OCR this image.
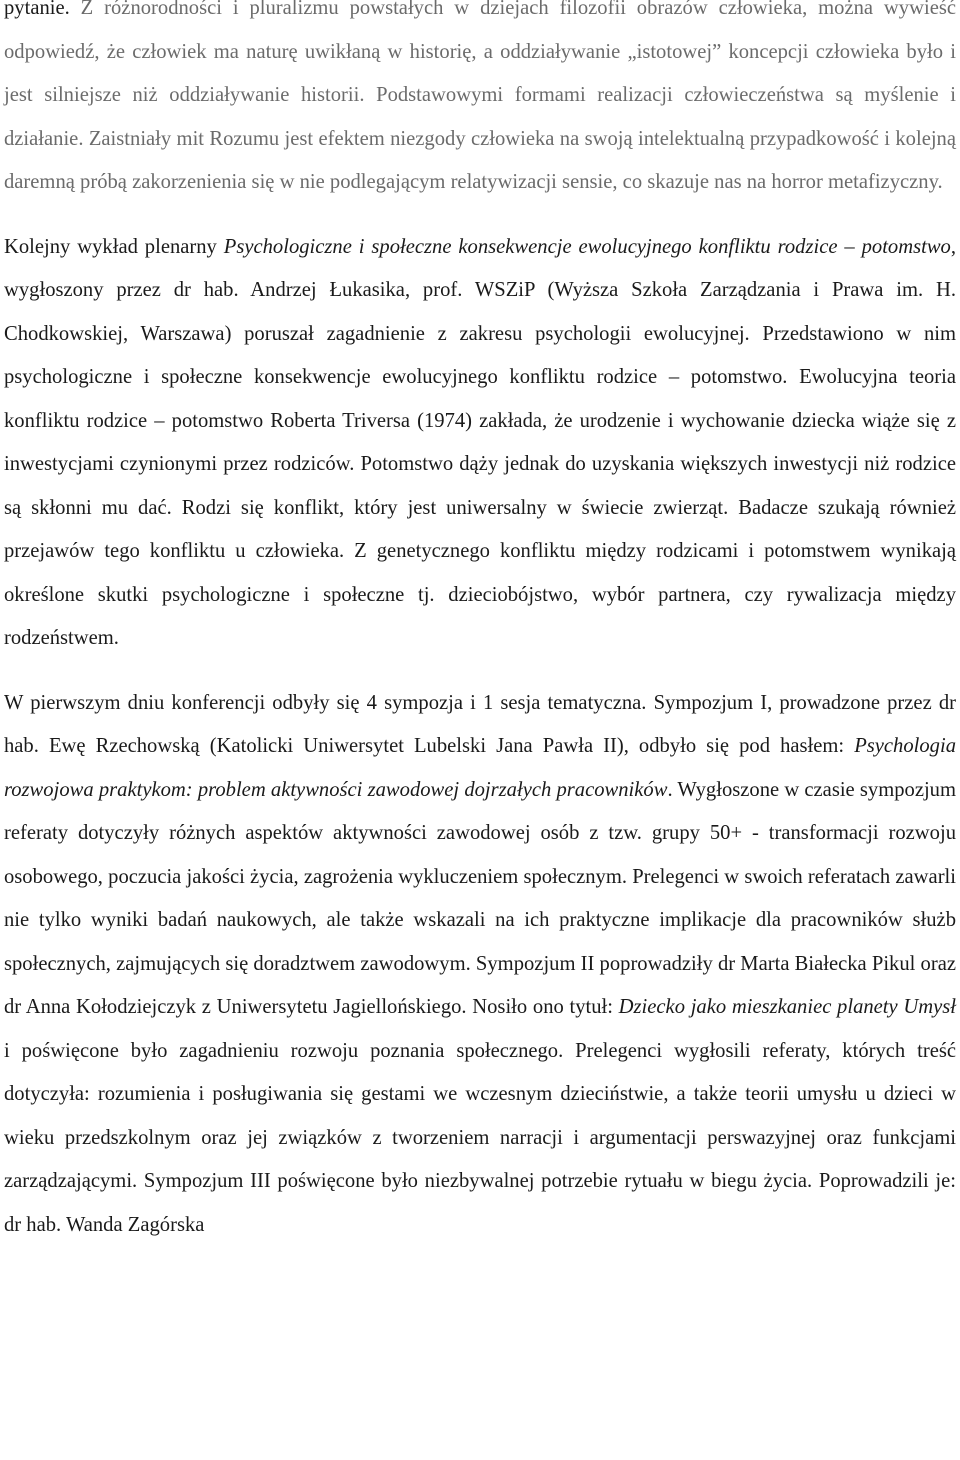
pytanie. Z różnorodności i pluralizmu powstałych w dziejach filozofii obrazów człowieka, można wywieść odpowiedź, że człowiek ma naturę uwikłaną w historię, a oddziaływanie „istotowej” koncepcji człowieka było i jest silniejsze niż oddziaływanie historii. Podstawowymi formami realizacji człowieczeństwa są myślenie i działanie. Zaistniały mit Rozumu jest efektem niezgody człowieka na swoją intelektualną przypadkowość i kolejną daremną próbą zakorzenienia się w nie podlegającym relatywizacji sensie, co skazuje nas na horror metafizyczny.

Kolejny wykład plenarny Psychologiczne i społeczne konsekwencje ewolucyjnego konfliktu rodzice – potomstwo, wygłoszony przez dr hab. Andrzej Łukasika, prof. WSZiP (Wyższa Szkoła Zarządzania i Prawa im. H. Chodkowskiej, Warszawa) poruszał zagadnienie z zakresu psychologii ewolucyjnej. Przedstawiono w nim psychologiczne i społeczne konsekwencje ewolucyjnego konfliktu rodzice – potomstwo. Ewolucyjna teoria konfliktu rodzice – potomstwo Roberta Triversa (1974) zakłada, że urodzenie i wychowanie dziecka wiąże się z inwestycjami czynionymi przez rodziców. Potomstwo dąży jednak do uzyskania większych inwestycji niż rodzice są skłonni mu dać. Rodzi się konflikt, który jest uniwersalny w świecie zwierząt. Badacze szukają również przejawów tego konfliktu u człowieka. Z genetycznego konfliktu między rodzicami i potomstwem wynikają określone skutki psychologiczne i społeczne tj. dzieciobójstwo, wybór partnera, czy rywalizacja między rodzeństwem.

W pierwszym dniu konferencji odbyły się 4 sympozja i 1 sesja tematyczna. Sympozjum I, prowadzone przez dr hab. Ewę Rzechowską (Katolicki Uniwersytet Lubelski Jana Pawła II), odbyło się pod hasłem: Psychologia rozwojowa praktykom: problem aktywności zawodowej dojrzałych pracowników. Wygłoszone w czasie sympozjum referaty dotyczyły różnych aspektów aktywności zawodowej osób z tzw. grupy 50+ - transformacji rozwoju osobowego, poczucia jakości życia, zagrożenia wykluczeniem społecznym. Prelegenci w swoich referatach zawarli nie tylko wyniki badań naukowych, ale także wskazali na ich praktyczne implikacje dla pracowników służb społecznych, zajmujących się doradztwem zawodowym. Sympozjum II poprowadziły dr Marta Białecka Pikul oraz dr Anna Kołodziejczyk z Uniwersytetu Jagiellońskiego. Nosiło ono tytuł: Dziecko jako mieszkaniec planety Umysł i poświęcone było zagadnieniu rozwoju poznania społecznego. Prelegenci wygłosili referaty, których treść dotyczyła: rozumienia i posługiwania się gestami we wczesnym dzieciństwie, a także teorii umysłu u dzieci w wieku przedszkolnym oraz jej związków z tworzeniem narracji i argumentacji perswazyjnej oraz funkcjami zarządzającymi. Sympozjum III poświęcone było niezbywalnej potrzebie rytuału w biegu życia. Poprowadzili je: dr hab. Wanda Zagórska
